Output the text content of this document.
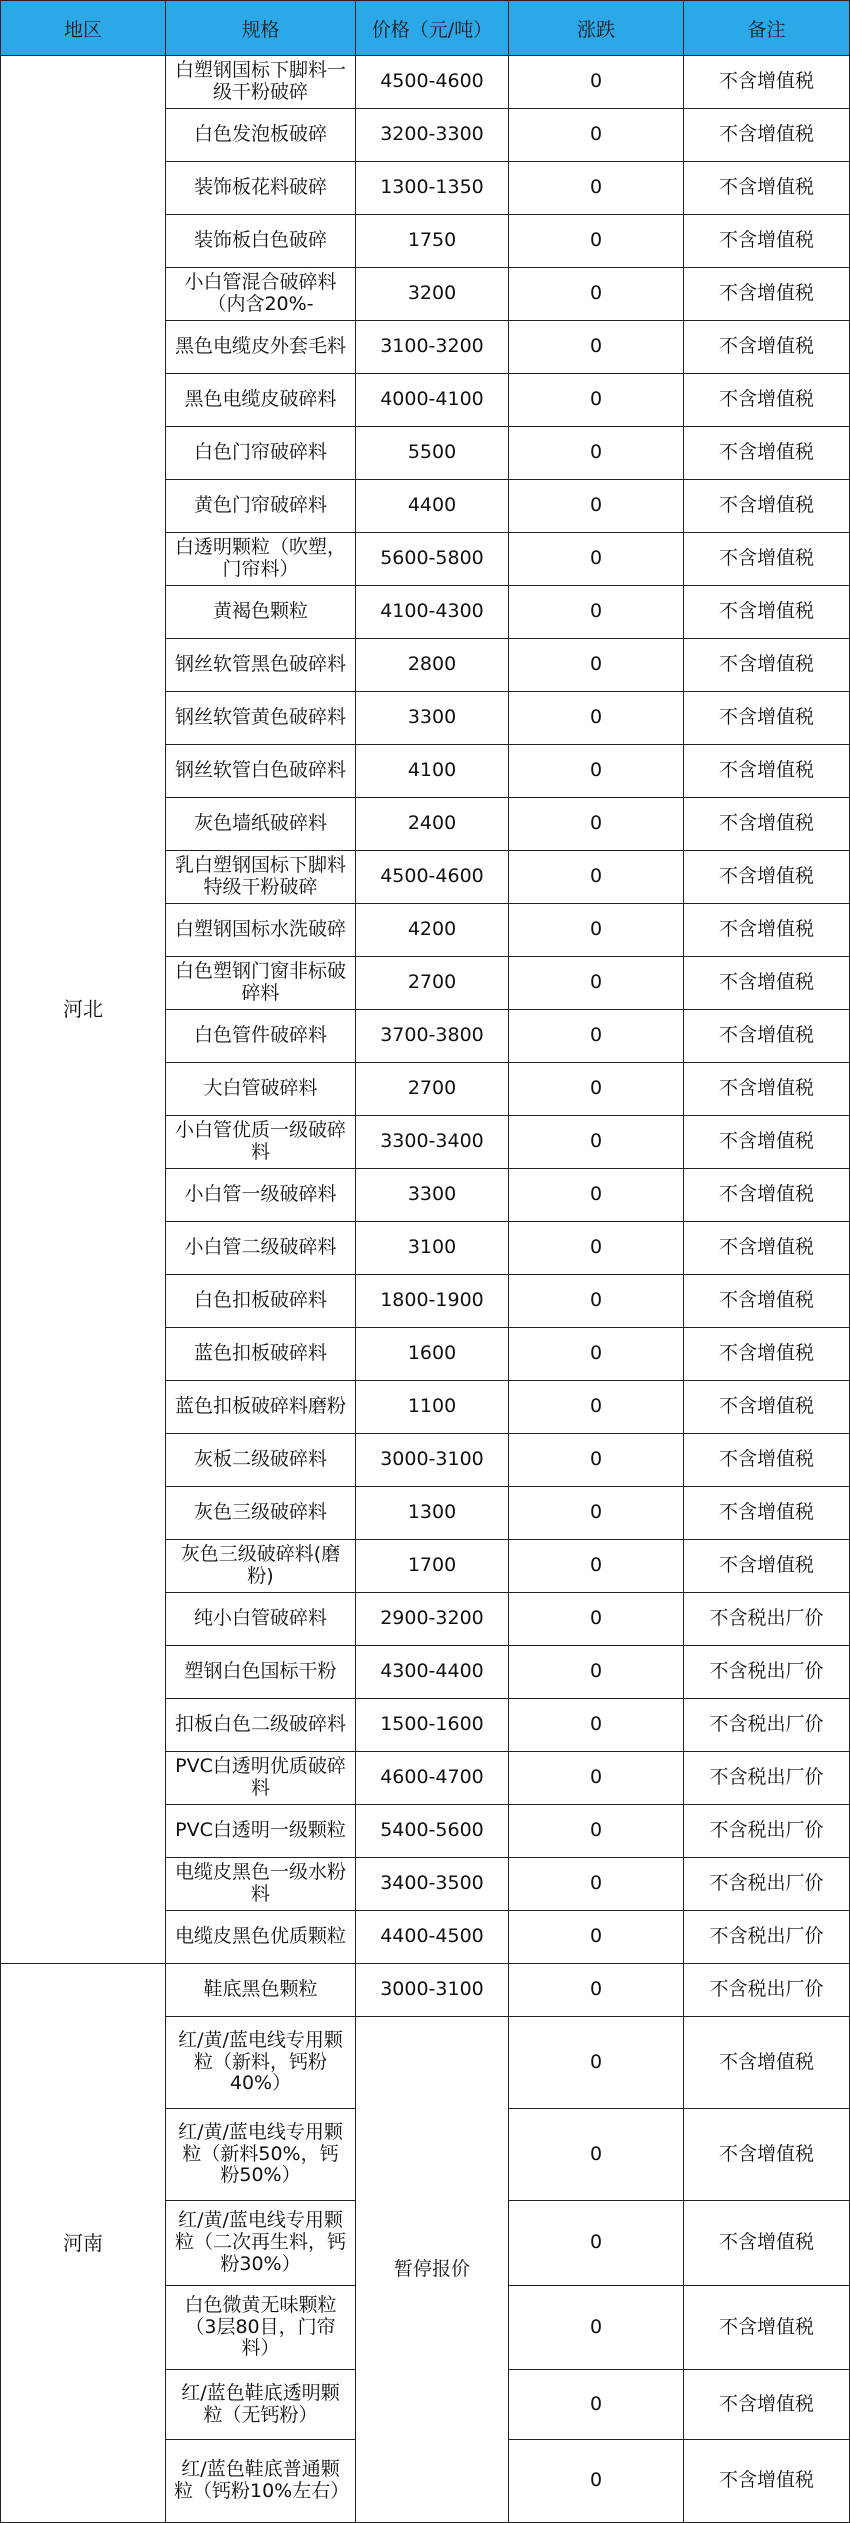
地区	规格	价格（元/吨）	涨跌	备注
河北	白塑钢国标下脚料一级干粉破碎	4500-4600	0	不含增值税
	白色发泡板破碎	3200-3300	0	不含增值税
	装饰板花料破碎	1300-1350	0	不含增值税
	装饰板白色破碎	1750	0	不含增值税
	小白管混合破碎料（内含20%-	3200	0	不含增值税
	黑色电缆皮外套毛料	3100-3200	0	不含增值税
	黑色电缆皮破碎料	4000-4100	0	不含增值税
	白色门帘破碎料	5500	0	不含增值税
	黄色门帘破碎料	4400	0	不含增值税
	白透明颗粒（吹塑，门帘料）	5600-5800	0	不含增值税
	黄褐色颗粒	4100-4300	0	不含增值税
	钢丝软管黑色破碎料	2800	0	不含增值税
	钢丝软管黄色破碎料	3300	0	不含增值税
	钢丝软管白色破碎料	4100	0	不含增值税
	灰色墙纸破碎料	2400	0	不含增值税
	乳白塑钢国标下脚料特级干粉破碎	4500-4600	0	不含增值税
	白塑钢国标水洗破碎	4200	0	不含增值税
	白色塑钢门窗非标破碎料	2700	0	不含增值税
	白色管件破碎料	3700-3800	0	不含增值税
	大白管破碎料	2700	0	不含增值税
	小白管优质一级破碎料	3300-3400	0	不含增值税
	小白管一级破碎料	3300	0	不含增值税
	小白管二级破碎料	3100	0	不含增值税
	白色扣板破碎料	1800-1900	0	不含增值税
	蓝色扣板破碎料	1600	0	不含增值税
	蓝色扣板破碎料磨粉	1100	0	不含增值税
	灰板二级破碎料	3000-3100	0	不含增值税
	灰色三级破碎料	1300	0	不含增值税
	灰色三级破碎料(磨粉)	1700	0	不含增值税
	纯小白管破碎料	2900-3200	0	不含税出厂价
	塑钢白色国标干粉	4300-4400	0	不含税出厂价
	扣板白色二级破碎料	1500-1600	0	不含税出厂价
	PVC白透明优质破碎料	4600-4700	0	不含税出厂价
	PVC白透明一级颗粒	5400-5600	0	不含税出厂价
	电缆皮黑色一级水粉料	3400-3500	0	不含税出厂价
	电缆皮黑色优质颗粒	4400-4500	0	不含税出厂价
河南	鞋底黑色颗粒	3000-3100	0	不含税出厂价
	红/黄/蓝电线专用颗粒（新料，钙粉40%）	暂停报价	0	不含增值税
	红/黄/蓝电线专用颗粒（新料50%，钙粉50%）		0	不含增值税
	红/黄/蓝电线专用颗粒（二次再生料，钙粉30%）		0	不含增值税
	白色微黄无味颗粒（3层80目，门帘料）		0	不含增值税
	红/蓝色鞋底透明颗粒（无钙粉）		0	不含增值税
	红/蓝色鞋底普通颗粒（钙粉10%左右）		0	不含增值税
